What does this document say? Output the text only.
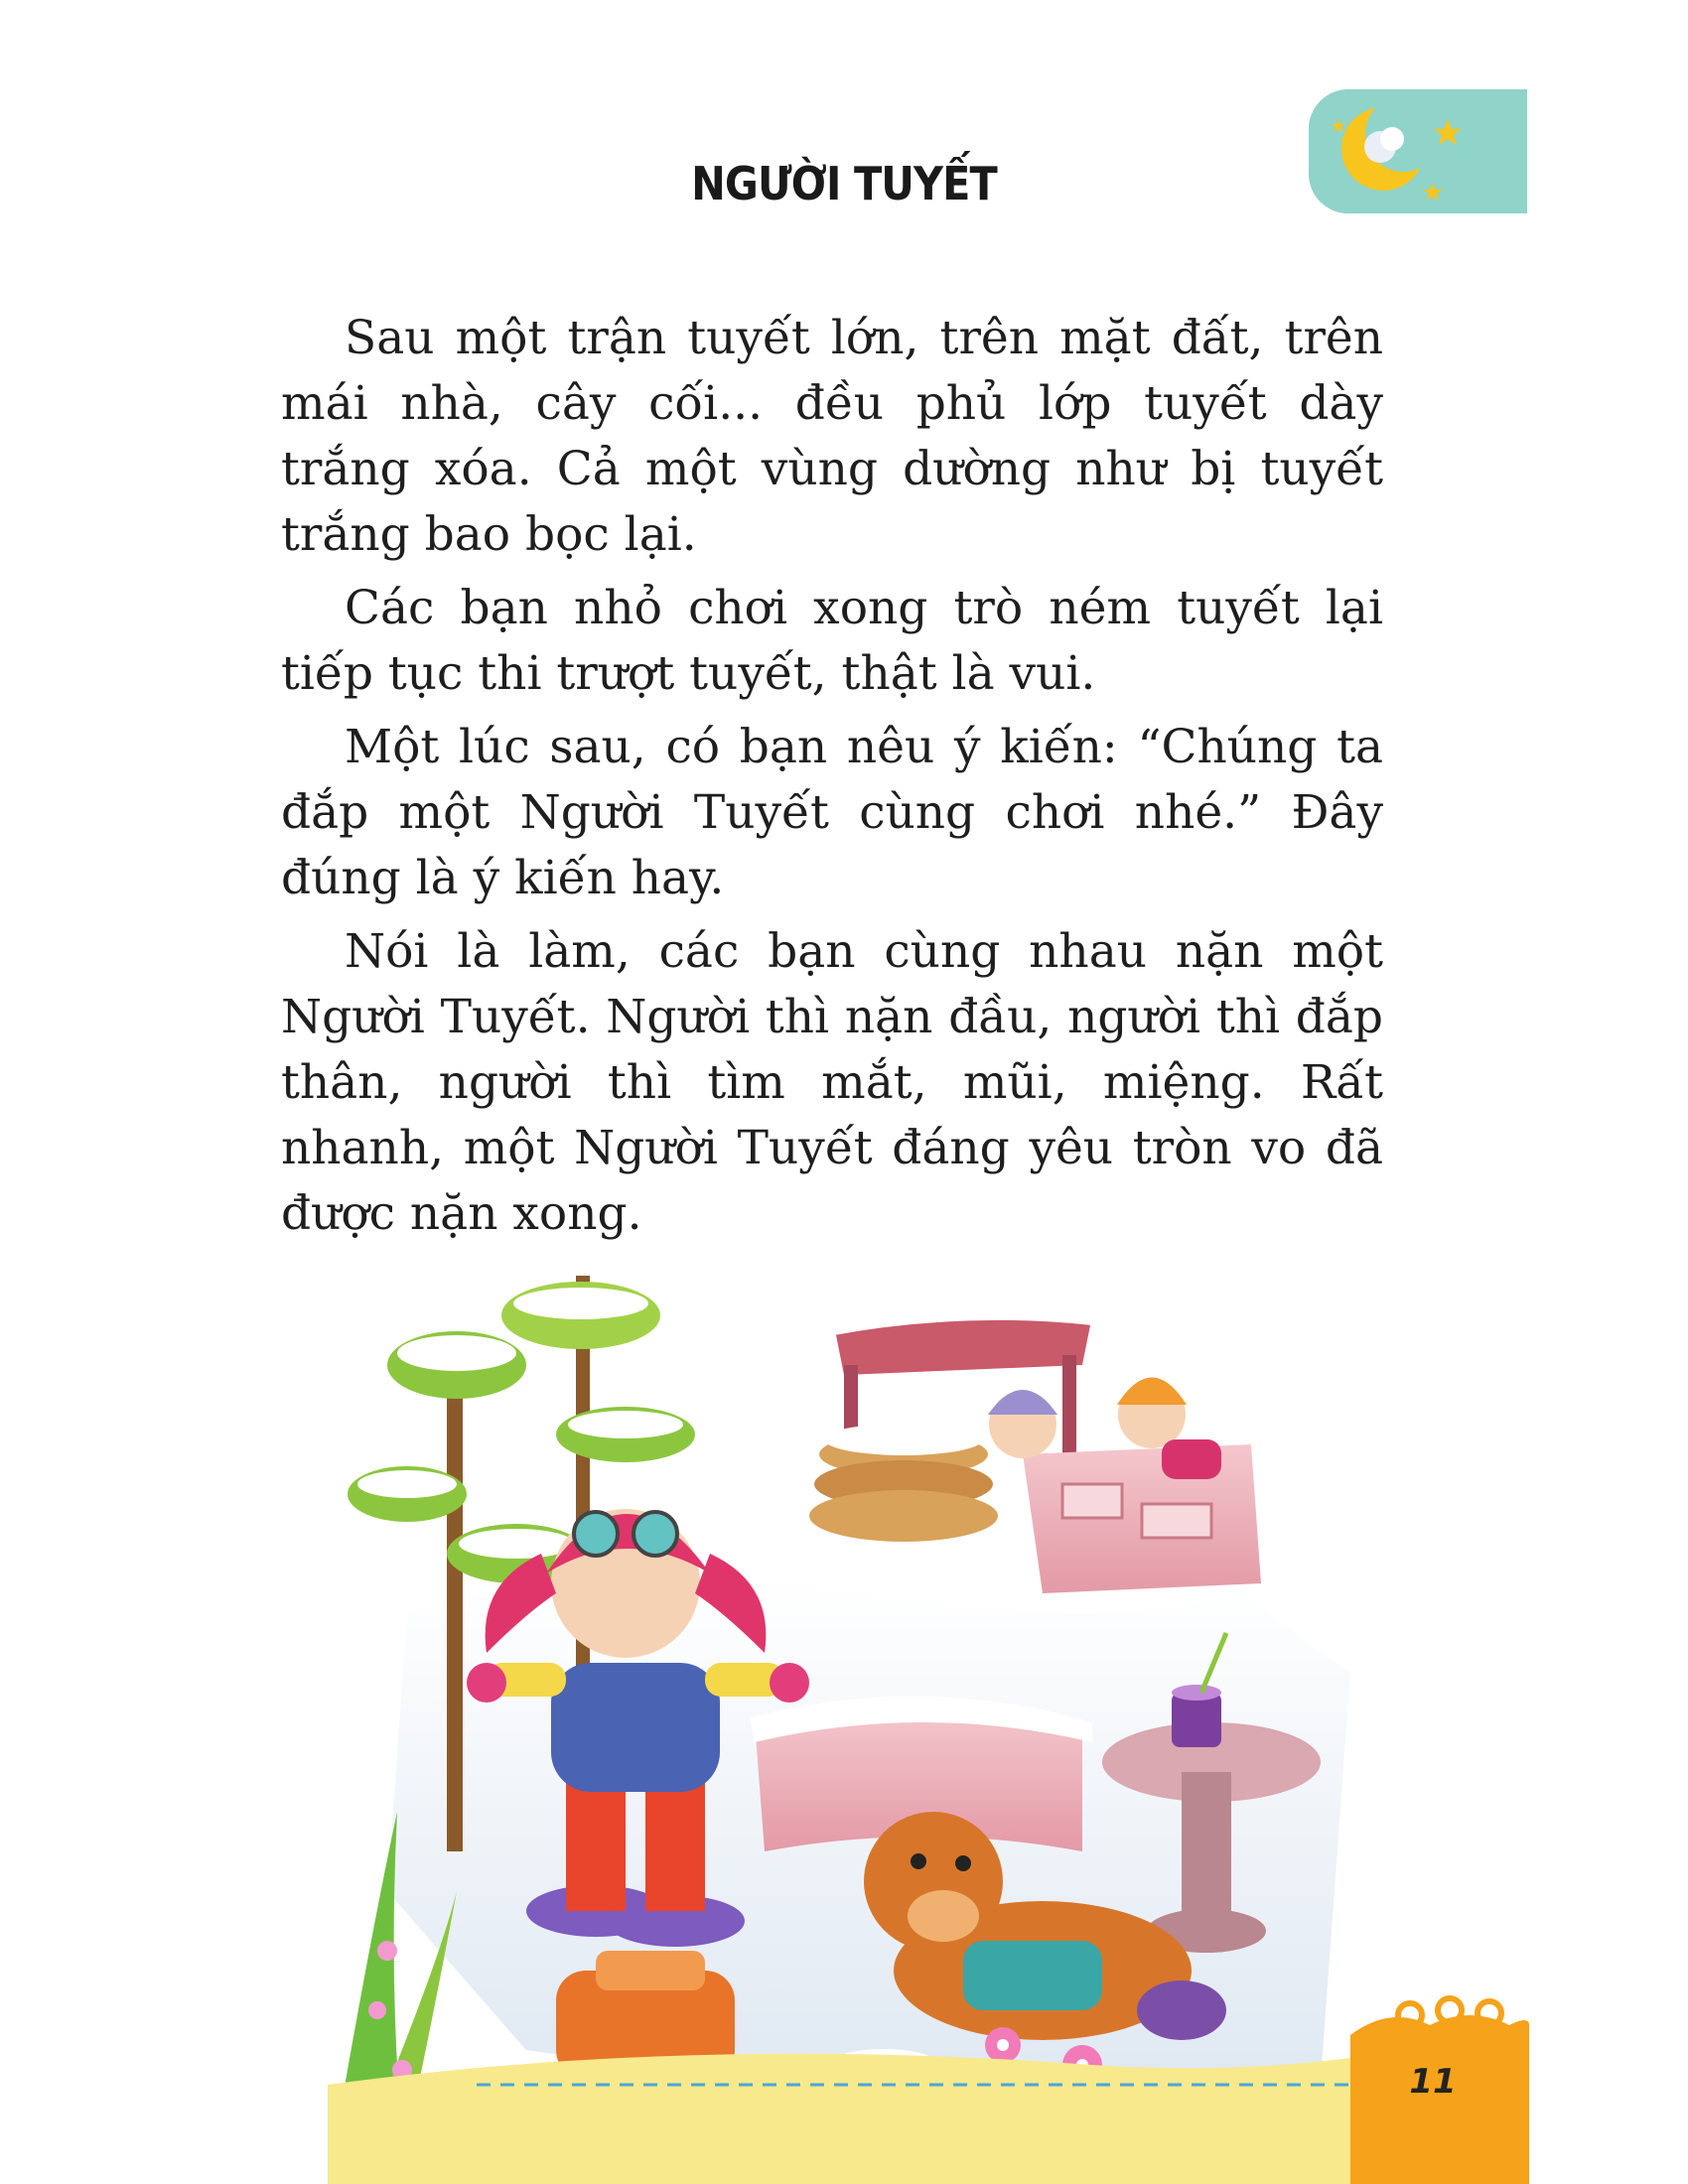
NGƯỜI TUYẾT

Sau một trận tuyết lớn, trên mặt đất, trên mái nhà, cây cối... đều phủ lớp tuyết dày trắng xóa. Cả một vùng dường như bị tuyết trắng bao bọc lại.

Các bạn nhỏ chơi xong trò ném tuyết lại tiếp tục thi trượt tuyết, thật là vui.

Một lúc sau, có bạn nêu ý kiến: “Chúng ta đắp một Người Tuyết cùng chơi nhé.” Đây đúng là ý kiến hay.

Nói là làm, các bạn cùng nhau nặn một Người Tuyết. Người thì nặn đầu, người thì đắp thân, người thì tìm mắt, mũi, miệng. Rất nhanh, một Người Tuyết đáng yêu tròn vo đã được nặn xong.

11
